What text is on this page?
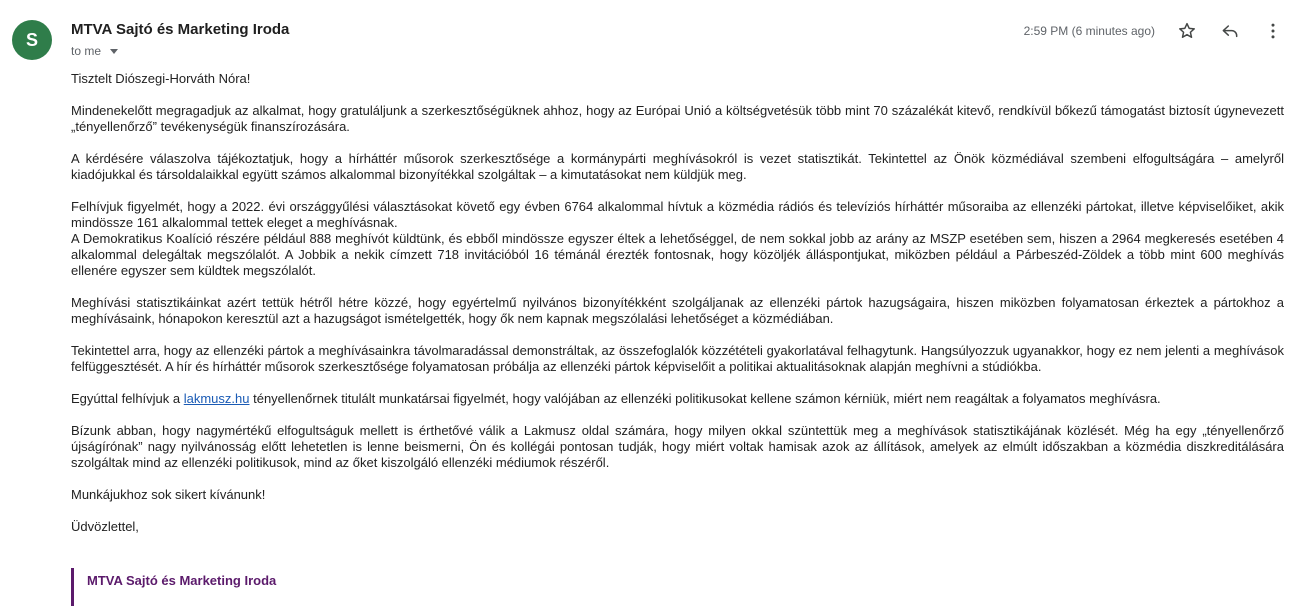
S MTVA Sajtó és Marketing Iroda
to me
2:59 PM (6 minutes ago)

Tisztelt Diószegi-Horváth Nóra!

Mindenekelőtt megragadjuk az alkalmat, hogy gratuláljunk a szerkesztőségüknek ahhoz, hogy az Európai Unió a költségvetésük több mint 70 százalékát kitevő, rendkívül bőkezű támogatást biztosít úgynevezett „tényellenőrző” tevékenységük finanszírozására.

A kérdésére válaszolva tájékoztatjuk, hogy a hírháttér műsorok szerkesztősége a kormánypárti meghívásokról is vezet statisztikát. Tekintettel az Önök közmédiával szembeni elfogultságára – amelyről kiadójukkal és társoldalaikkal együtt számos alkalommal bizonyítékkal szolgáltak – a kimutatásokat nem küldjük meg.

Felhívjuk figyelmét, hogy a 2022. évi országgyűlési választásokat követő egy évben 6764 alkalommal hívtuk a közmédia rádiós és televíziós hírháttér műsoraiba az ellenzéki pártokat, illetve képviselőiket, akik mindössze 161 alkalommal tettek eleget a meghívásnak.

A Demokratikus Koalíció részére például 888 meghívót küldtünk, és ebből mindössze egyszer éltek a lehetőséggel, de nem sokkal jobb az arány az MSZP esetében sem, hiszen a 2964 megkeresés esetében 4 alkalommal delegáltak megszólalót. A Jobbik a nekik címzett 718 invitációból 16 témánál érezték fontosnak, hogy közöljék álláspontjukat, miközben például a Párbeszéd-Zöldek a több mint 600 meghívás ellenére egyszer sem küldtek megszólalót.

Meghívási statisztikáinkat azért tettük hétről hétre közzé, hogy egyértelmű nyilvános bizonyítékként szolgáljanak az ellenzéki pártok hazugságaira, hiszen miközben folyamatosan érkeztek a pártokhoz a meghívásaink, hónapokon keresztül azt a hazugságot ismételgették, hogy ők nem kapnak megszólalási lehetőséget a közmédiában.

Tekintettel arra, hogy az ellenzéki pártok a meghívásainkra távolmaradással demonstráltak, az összefoglalók közzétételi gyakorlatával felhagytunk. Hangsúlyozzuk ugyanakkor, hogy ez nem jelenti a meghívások felfüggesztését. A hír és hírháttér műsorok szerkesztősége folyamatosan próbálja az ellenzéki pártok képviselőit a politikai aktualitásoknak alapján meghívni a stúdiókba.

Egyúttal felhívjuk a lakmusz.hu tényellenőrnek titulált munkatársai figyelmét, hogy valójában az ellenzéki politikusokat kellene számon kérniük, miért nem reagáltak a folyamatos meghívásra.

Bízunk abban, hogy nagymértékű elfogultságuk mellett is érthetővé válik a Lakmusz oldal számára, hogy milyen okkal szüntettük meg a meghívások statisztikájának közlését. Még ha egy „tényellenőrző újságírónak” nagy nyilvánosság előtt lehetetlen is lenne beismerni, Ön és kollégái pontosan tudják, hogy miért voltak hamisak azok az állítások, amelyek az elmúlt időszakban a közmédia diszkreditálására szolgáltak mind az ellenzéki politikusok, mind az őket kiszolgáló ellenzéki médiumok részéről.

Munkájukhoz sok sikert kívánunk!

Üdvözlettel,

MTVA Sajtó és Marketing Iroda
